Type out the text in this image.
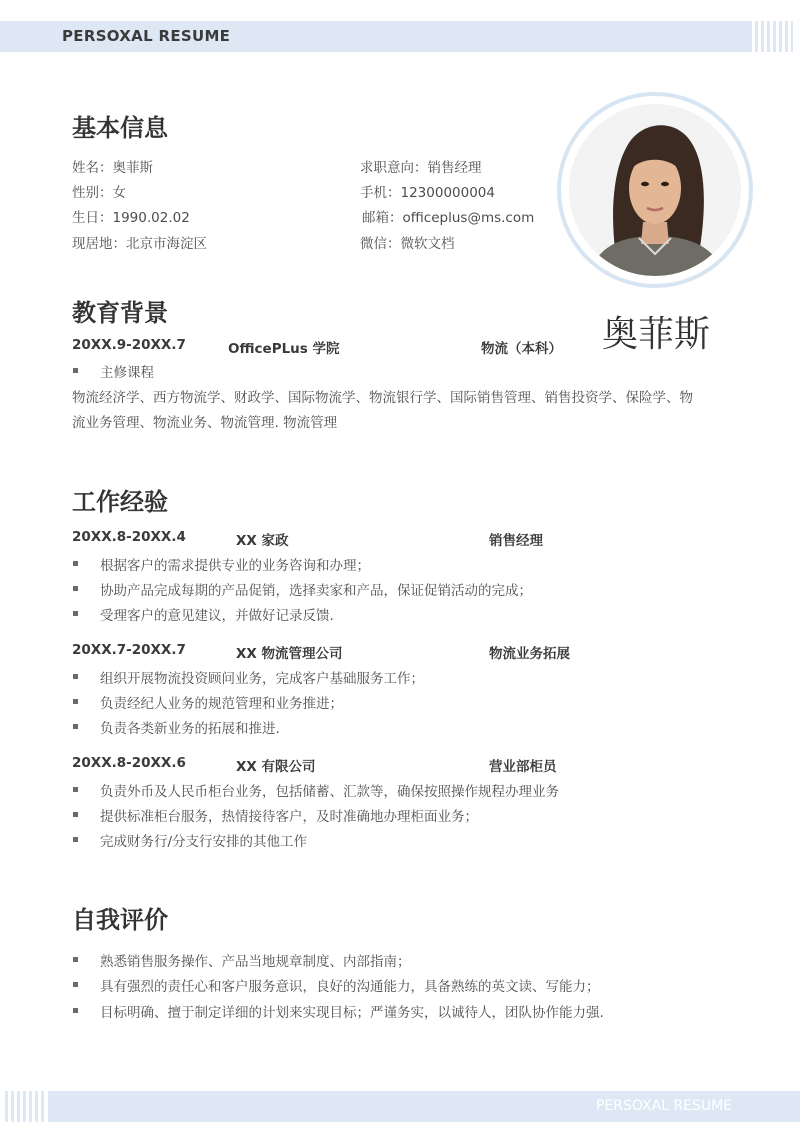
PERSOXAL RESUME
奥菲斯
基本信息
姓名：奥菲斯
性别：女
生日：1990.02.02
现居地：北京市海淀区
求职意向：销售经理
手机：12300000004
邮箱：officeplus@ms.com
微信：微软文档
教育背景
20XX.9-20XX.7	OfficePLus 学院	物流（本科）
主修课程
物流经济学、西方物流学、财政学、国际物流学、物流银行学、国际销售管理、销售投资学、保险学、物
流业务管理、物流业务、物流管理. 物流管理
工作经验
20XX.8-20XX.4	XX 家政	销售经理
根据客户的需求提供专业的业务咨询和办理；
协助产品完成每期的产品促销，选择卖家和产品，保证促销活动的完成；
受理客户的意见建议，并做好记录反馈.
20XX.7-20XX.7	XX 物流管理公司	物流业务拓展
组织开展物流投资顾问业务，完成客户基础服务工作；
负责经纪人业务的规范管理和业务推进；
负责各类新业务的拓展和推进.
20XX.8-20XX.6	XX 有限公司	营业部柜员
负责外币及人民币柜台业务，包括储蓄、汇款等，确保按照操作规程办理业务
提供标准柜台服务，热情接待客户，及时准确地办理柜面业务；
完成财务行/分支行安排的其他工作
自我评价
熟悉销售服务操作、产品当地规章制度、内部指南；
具有强烈的责任心和客户服务意识，良好的沟通能力，具备熟练的英文读、写能力；
目标明确、擅于制定详细的计划来实现目标；严谨务实，以诚待人，团队协作能力强.
PERSOXAL RESUME
